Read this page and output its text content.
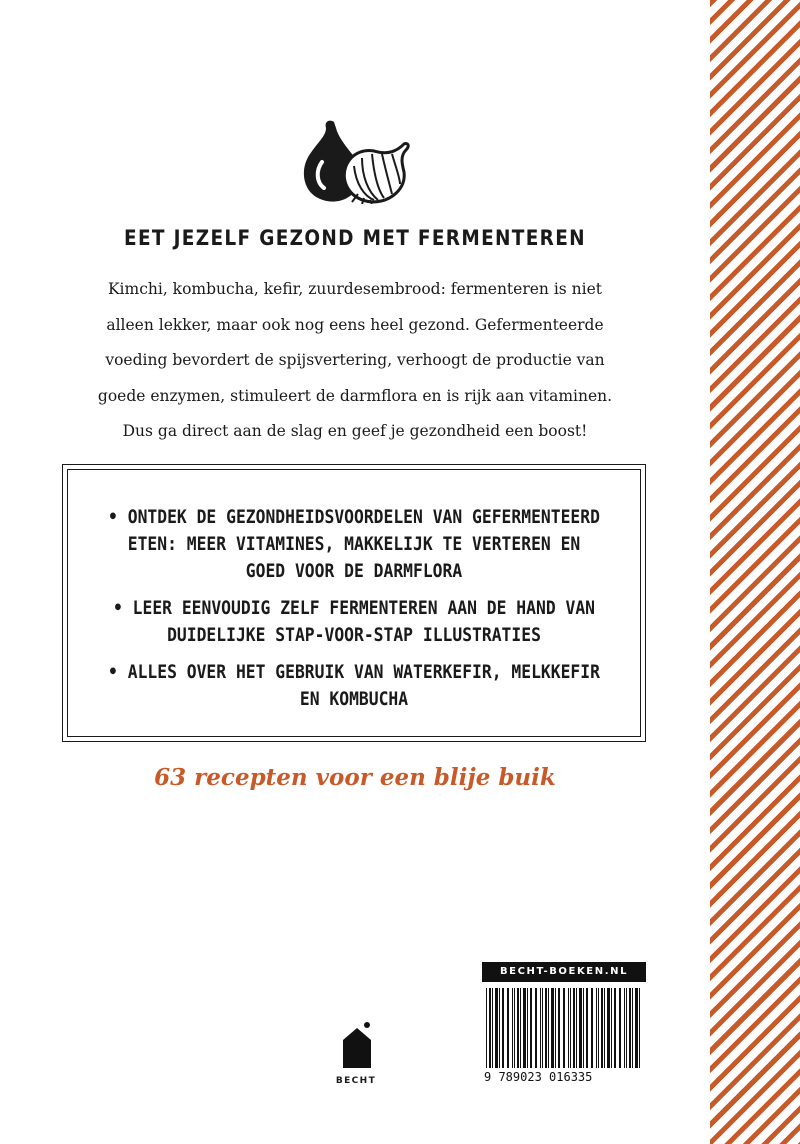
EET JEZELF GEZOND MET FERMENTEREN

Kimchi, kombucha, kefir, zuurdesembrood: fermenteren is niet
alleen lekker, maar ook nog eens heel gezond. Gefermenteerde
voeding bevordert de spijsvertering, verhoogt de productie van
goede enzymen, stimuleert de darmflora en is rijk aan vitaminen.
Dus ga direct aan de slag en geef je gezondheid een boost!

• ONTDEK DE GEZONDHEIDSVOORDELEN VAN GEFERMENTEERD ETEN: MEER VITAMINES, MAKKELIJK TE VERTEREN EN GOED VOOR DE DARMFLORA
• LEER EENVOUDIG ZELF FERMENTEREN AAN DE HAND VAN DUIDELIJKE STAP-VOOR-STAP ILLUSTRATIES
• ALLES OVER HET GEBRUIK VAN WATERKEFIR, MELKKEFIR EN KOMBUCHA
63 recepten voor een blije buik
BECHT-BOEKEN.NL
9 789023 016335
BECHT
